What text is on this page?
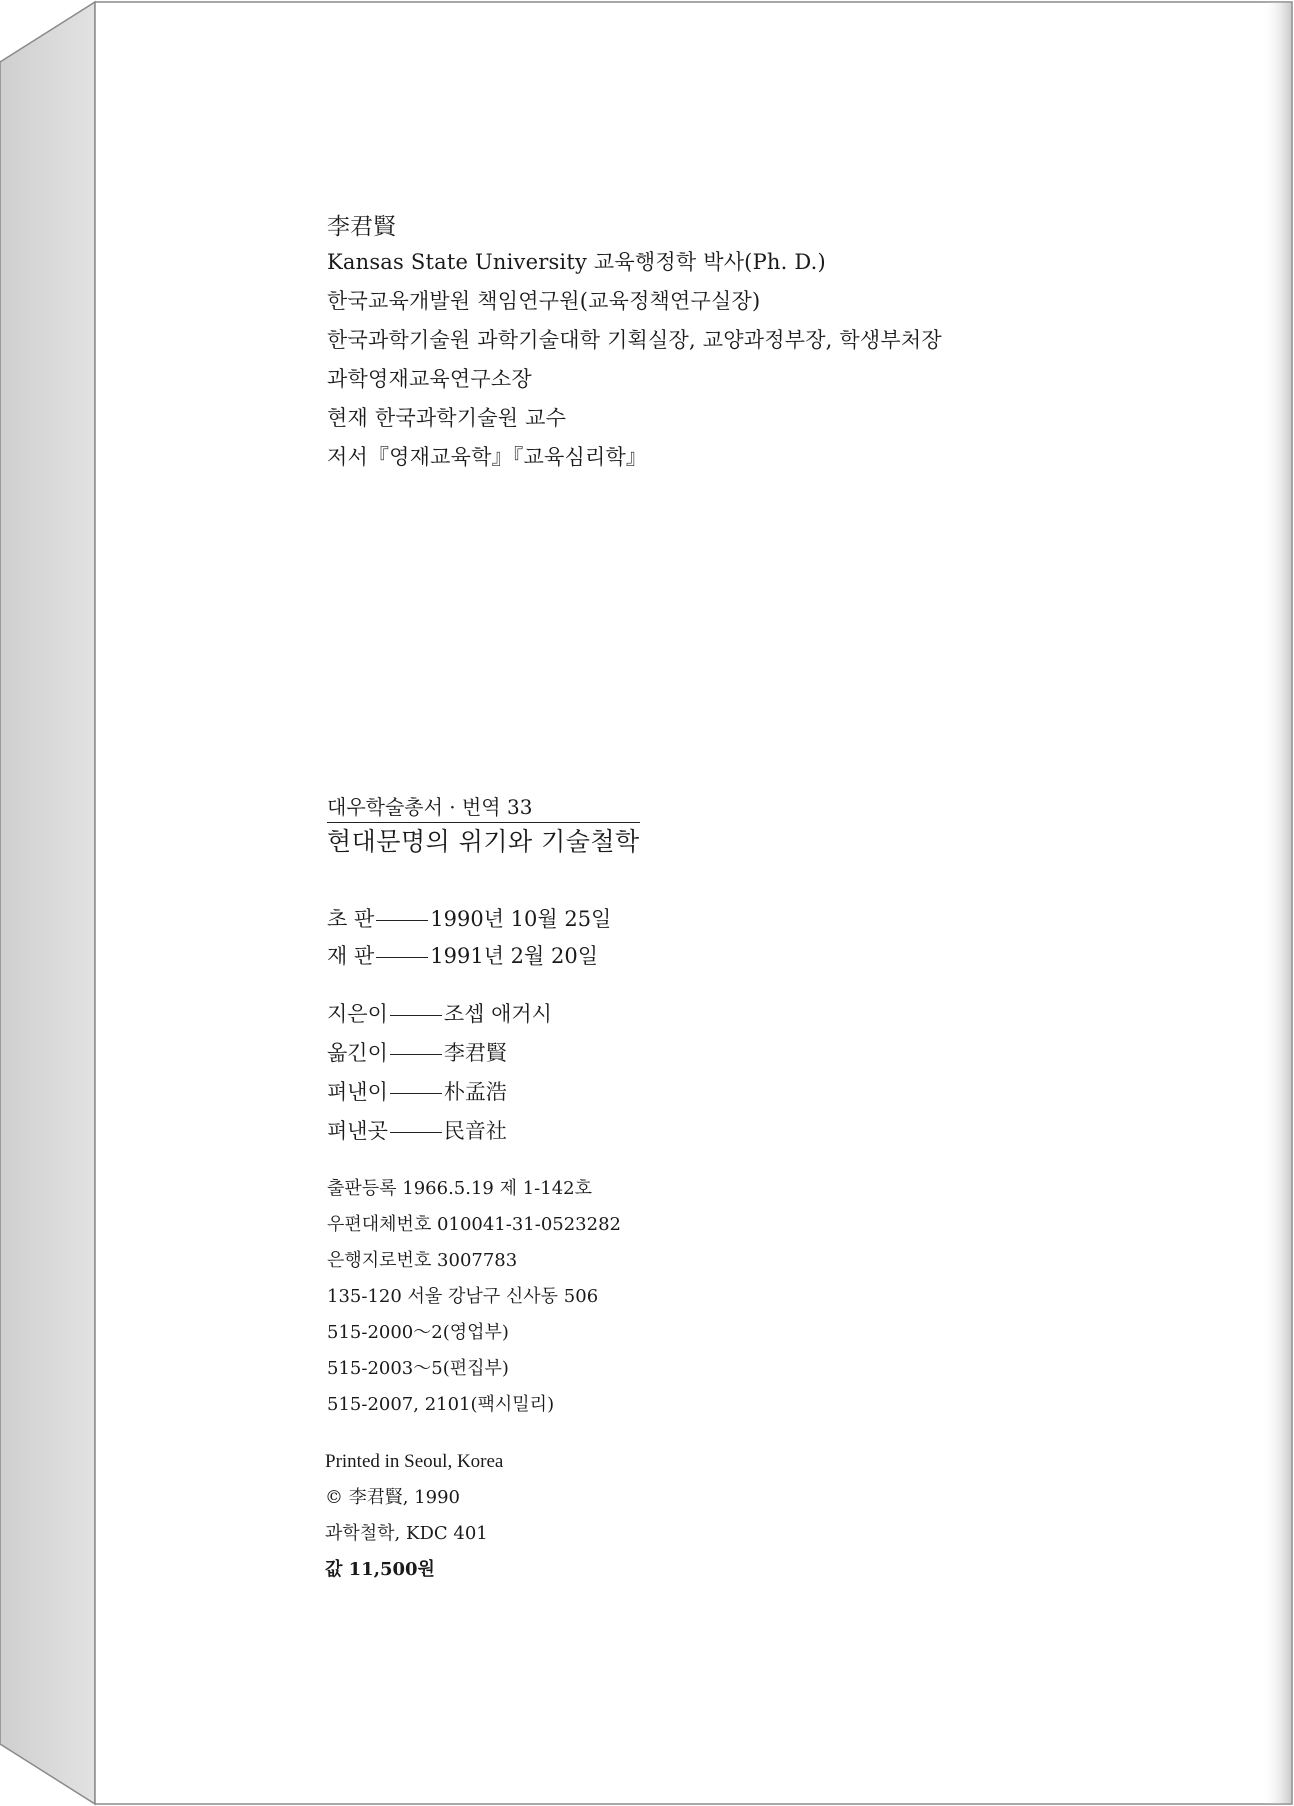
李君賢
Kansas State University 교육행정학 박사(Ph. D.)
한국교육개발원 책임연구원(교육정책연구실장)
한국과학기술원 과학기술대학 기획실장, 교양과정부장, 학생부처장
과학영재교육연구소장
현재 한국과학기술원 교수
저서『영재교육학』『교육심리학』
대우학술총서 · 번역 33
현대문명의 위기와 기술철학
초 판	1990년 10월 25일
재 판	1991년 2월 20일
지은이	조셉 애거시
옮긴이	李君賢
펴낸이	朴孟浩
펴낸곳	民音社
출판등록 1966.5.19 제 1-142호
우편대체번호 010041-31-0523282
은행지로번호 3007783
135-120 서울 강남구 신사동 506
515-2000～2(영업부)
515-2003～5(편집부)
515-2007, 2101(팩시밀리)
Printed in Seoul, Korea
© 李君賢, 1990
과학철학, KDC 401
값 11,500원
